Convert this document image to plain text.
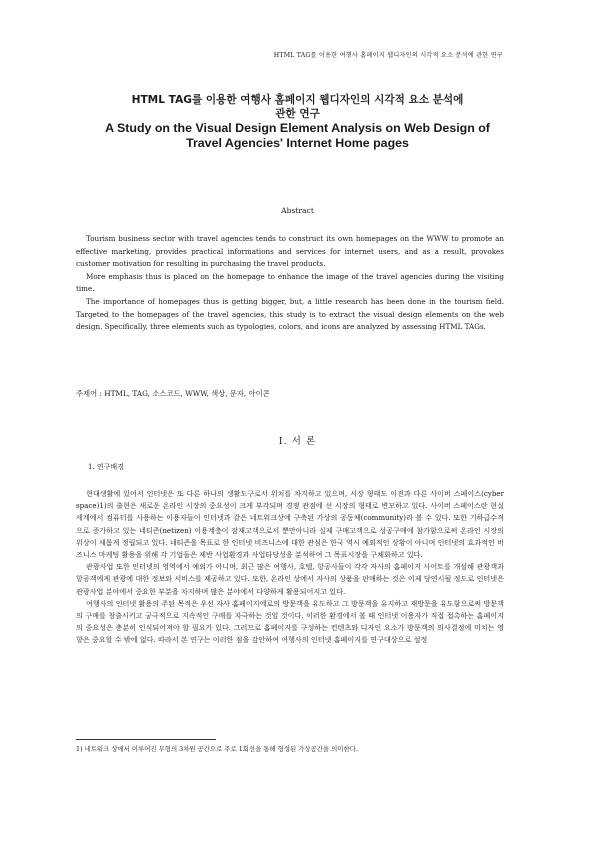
HTML TAG를 이용한 여행사 홈페이지 웹디자인의 시각적 요소 분석에 관한 연구
HTML TAG를 이용한 여행사 홈페이지 웹디자인의 시각적 요소 분석에
관한 연구
A Study on the Visual Design Element Analysis on Web Design of
Travel Agencies' Internet Home pages
Abstract

Tourism business sector with travel agencies tends to construct its own homepages on the WWW to promote an effective marketing, provides practical informations and services for internet users, and as a result, provokes customer motivation for resulting in purchasing the travel products.

More emphasis thus is placed on the homepage to enhance the image of the travel agencies during the visiting time.

The importance of homepages thus is getting bigger, but, a little research has been done in the tourism field. Targeted to the homepages of the travel agencies, this study is to extract the visual design elements on the web design. Specifically, three elements such as typologies, colors, and icons are analyzed by assessing HTML TAGs.

주제어 : HTML, TAG, 소스코드, WWW, 색상, 문자, 아이콘
Ⅰ. 서 론
1. 연구배경

현대생활에 있어서 인터넷은 또 다른 하나의 생활도구로서 위치를 차지하고 있으며, 시장 형태도 이전과 다른 사이버 스페이스(cyber space)1)의 출현은 새로운 온라인 시장의 중요성이 크게 부각되며 경쟁 관점에 선 시장의 형태로 변모하고 있다. 사이버 스페이스란 현실 세계에서 컴퓨터를 사용하는 이용자들이 인터넷과 같은 네트워크상에 구축된 가상의 공동체(community)라 볼 수 있다. 또한 기하급수적으로 증가하고 있는 네티즌(netizen) 이용계층이 잠재고객으로서 뿐만아니라 실제 구매고객으로 성공구매에 참가함으로써 온라인 시장의 위상이 새롭게 정립되고 있다. 네티즌을 목표로 한 인터넷 비즈니스에 대한 관심은 한국 역시 예외적인 상황이 아니며 인터넷의 효과적인 비즈니스 마케팅 활용을 위해 각 기업들은 제반 사업환경과 사업타당성을 분석하여 그 목표시장을 구체화하고 있다.

관광사업 또한 인터넷의 영역에서 예외가 아니며, 최근 많은 여행사, 호텔, 항공사들이 각각 자사의 홈페이지 사이트를 개설해 관광객과 항공객에게 관광에 대한 정보와 서비스를 제공하고 있다. 또한, 온라인 상에서 자사의 상품을 판매하는 것은 이제 당연시될 정도로 인터넷은 관광사업 분야에서 중요한 부분을 차지하며 많은 분야에서 다양하게 활용되어지고 있다.

여행사의 인터넷 활용의 주된 목적은 우선 자사 홈페이지에로의 방문객을 유도하고 그 방문객을 유지하고 재방문을 유도함으로써 방문객의 구매를 창출시키고 궁극적으로 지속적인 구매를 자극하는 것일 것이다. 이러한 환경에서 볼 때 인터넷 이용자가 직접 접촉하는 홈페이지의 중요성은 충분히 인식되어져야 할 필요가 있다. 그러므로 홈페이지를 구성하는 컨텐츠와 디자인 요소가 방문객의 의사결정에 미치는 영향은 중요할 수 밖에 없다. 따라서 본 연구는 이러한 점을 감안하여 여행사의 인터넷 홈페이지를 연구대상으로 설정

1) 네트워크 상에서 이루어진 무형의 3차원 공간으로 주로 1회선을 통해 형성된 가상공간을 의미한다.
